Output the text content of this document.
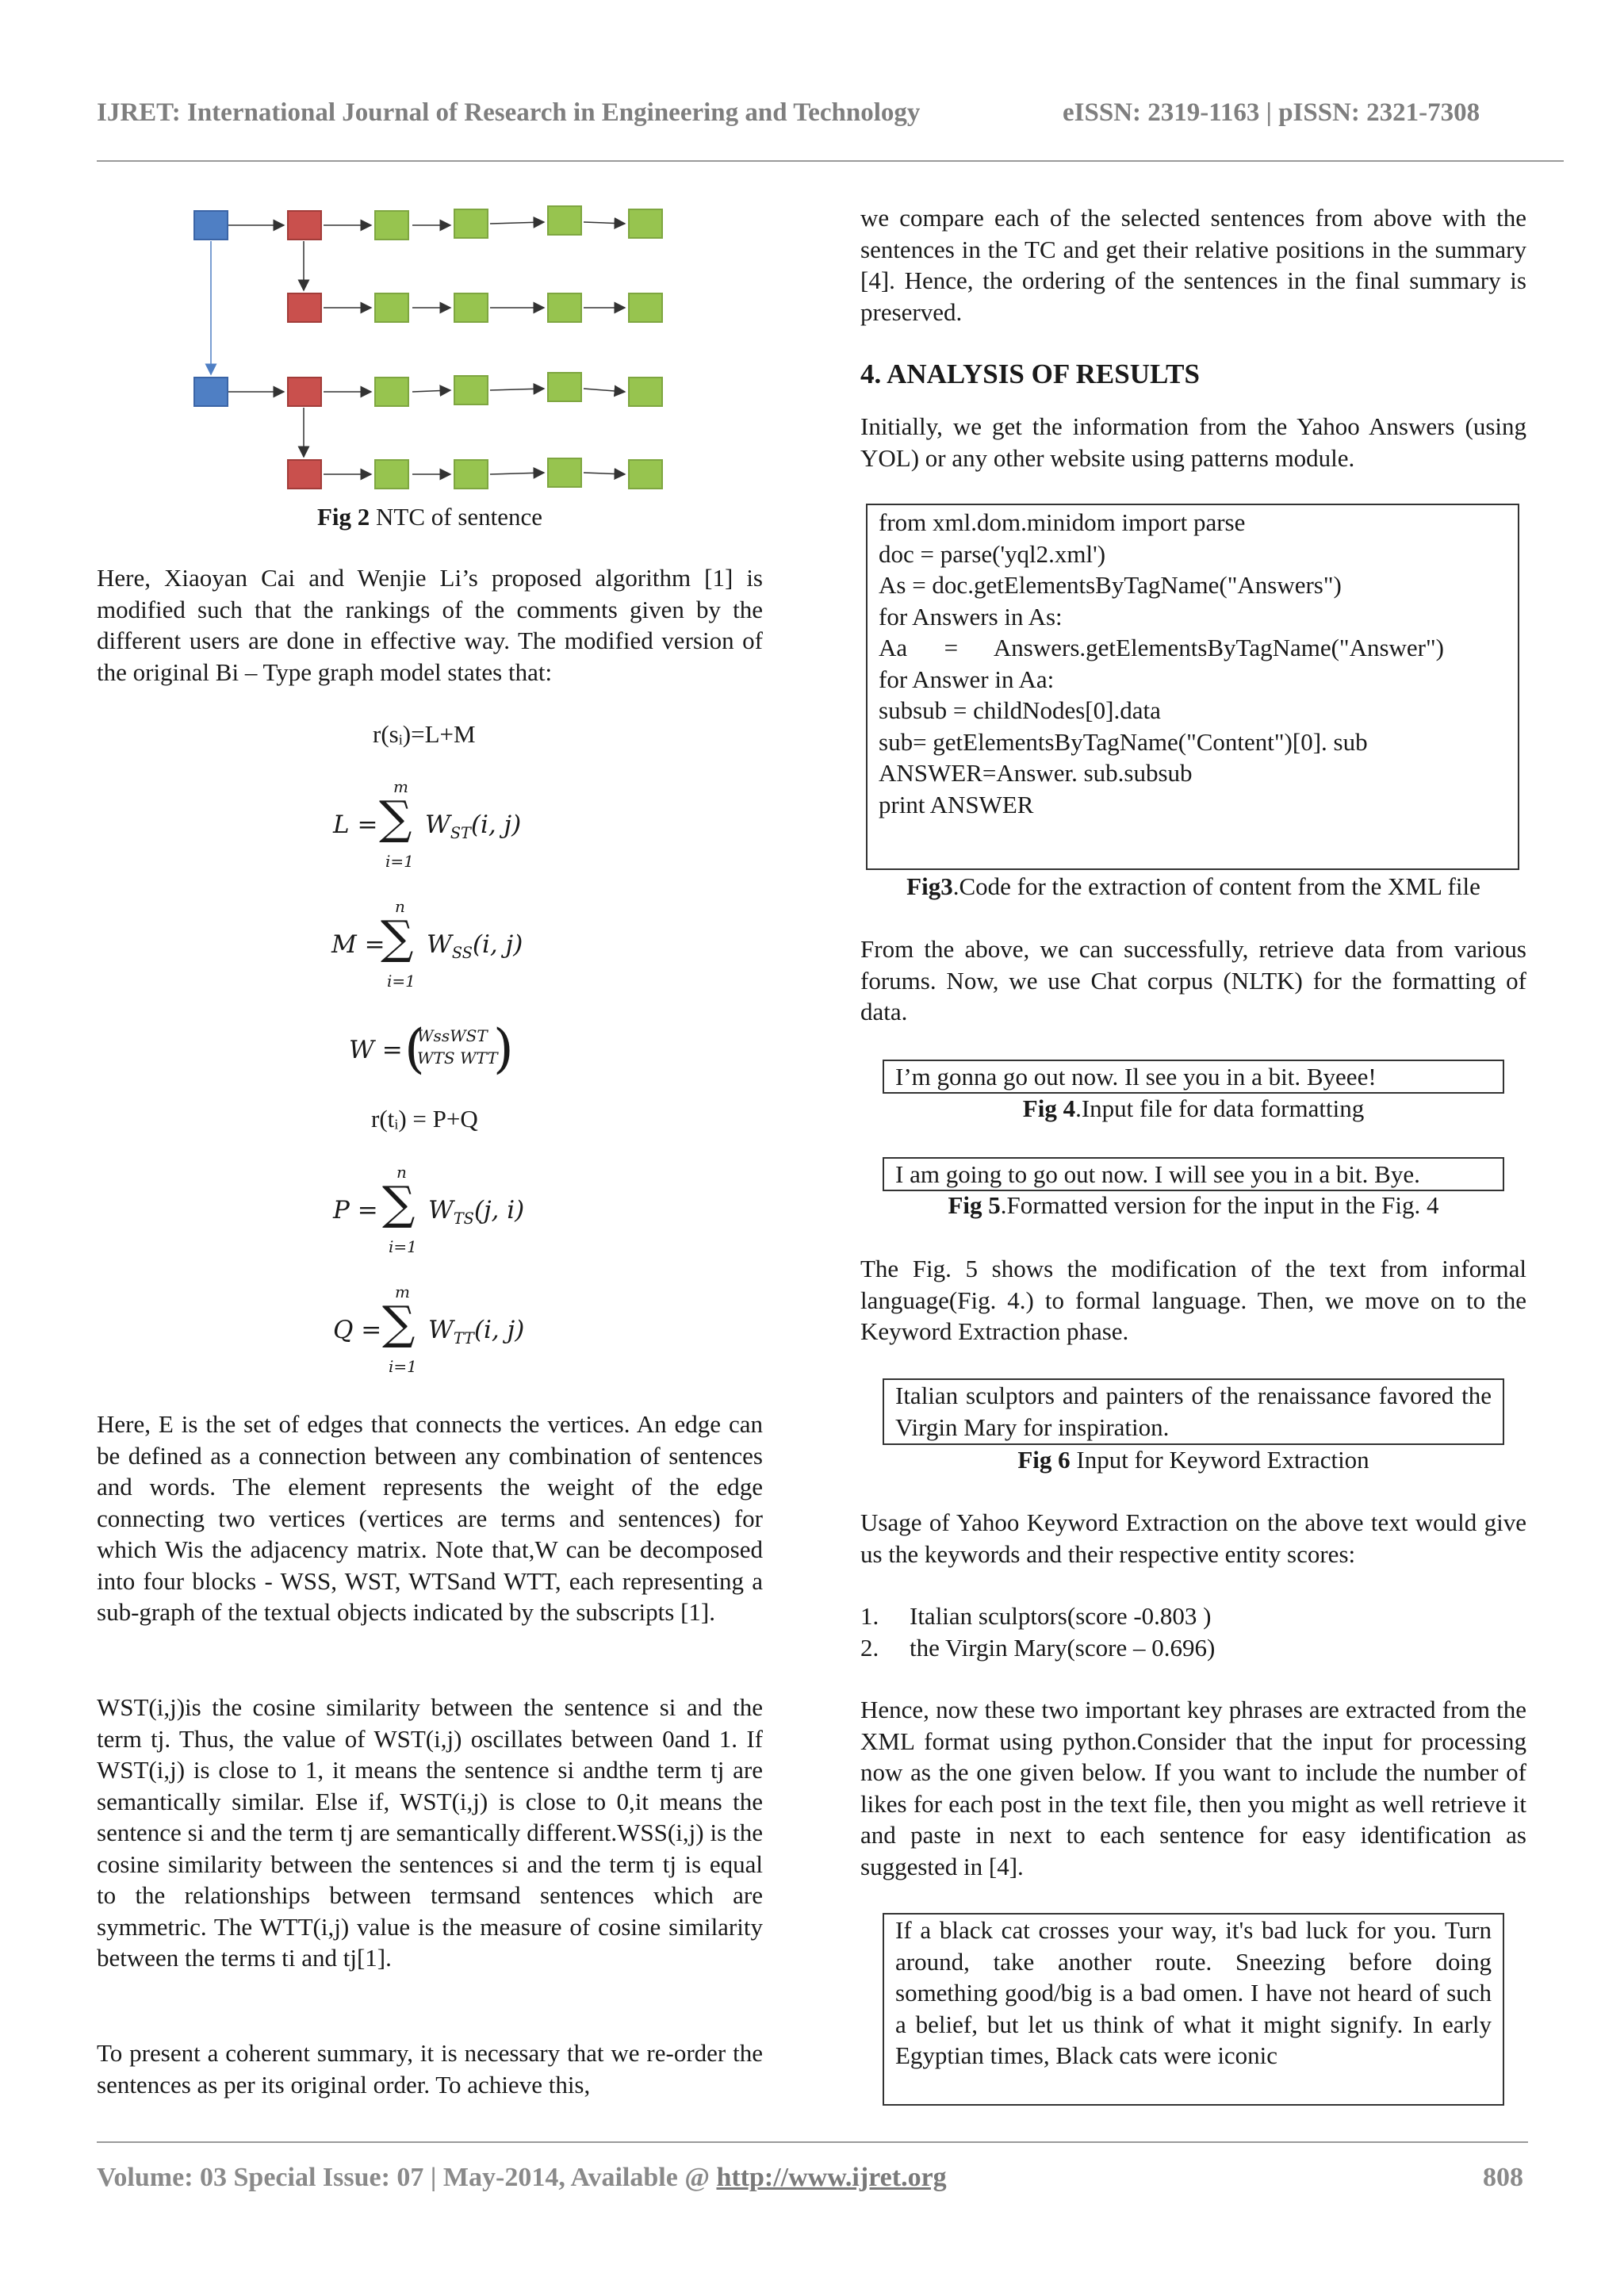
IJRET: International Journal of Research in Engineering and Technology	eISSN: 2319-1163 | pISSN: 2321-7308
Fig 2 NTC of sentence
Here, Xiaoyan Cai and Wenjie Li’s proposed algorithm [1] is modified such that the rankings of the comments given by the different users are done in effective way. The modified version of the original Bi – Type graph model states that:
r(sᵢ)=L+M
L =
m
∑
i=1
$W_{ST}(i$, j)
M =
n
∑
i=1
$W_{SS}(i$, j)
W = (
WssWST
WTS WTT
)
r(tᵢ) = P+Q
P =
n
∑
i=1
$W_{TS}(j$, i)
Q =
m
∑
i=1
$W_{TT}(i$, j)
Here, E is the set of edges that connects the vertices. An edge can be defined as a connection between any combination of sentences and words. The element represents the weight of the edge connecting two vertices (vertices are terms and sentences) for which Wis the adjacency matrix. Note that,W can be decomposed into four blocks - WSS, WST, WTSand WTT, each representing a sub-graph of the textual objects indicated by the subscripts [1].
WST(i,j)is the cosine similarity between the sentence si and the term tj. Thus, the value of WST(i,j) oscillates between 0and 1. If WST(i,j) is close to 1, it means the sentence si andthe term tj are semantically similar. Else if, WST(i,j) is close to 0,it means the sentence si and the term tj are semantically different.WSS(i,j) is the cosine similarity between the sentences si and the term tj is equal to the relationships between termsand sentences which are symmetric. The WTT(i,j) value is the measure of cosine similarity between the terms ti and tj[1].
To present a coherent summary, it is necessary that we re-order the sentences as per its original order. To achieve this,
we compare each of the selected sentences from above with the sentences in the TC and get their relative positions in the summary [4]. Hence, the ordering of the sentences in the final summary is preserved.
4. ANALYSIS OF RESULTS
Initially, we get the information from the Yahoo Answers (using YOL) or any other website using patterns module.
from xml.dom.minidom import parse
doc = parse('yql2.xml')
As = doc.getElementsByTagName("Answers")
for Answers in As:
Aa      =      Answers.getElementsByTagName("Answer")
for Answer in Aa:
subsub = childNodes[0].data
sub= getElementsByTagName("Content")[0]. sub
ANSWER=Answer. sub.subsub
print ANSWER
Fig3.Code for the extraction of content from the XML file
From the above, we can successfully, retrieve data from various forums. Now, we use Chat corpus (NLTK) for the formatting of data.
I’m gonna go out now. Il see you in a bit. Byeee!
Fig 4.Input file for data formatting
I am going to go out now. I will see you in a bit. Bye.
Fig 5.Formatted version for the input in the Fig. 4
The Fig. 5 shows the modification of the text from informal language(Fig. 4.) to formal language. Then, we move on to the Keyword Extraction phase.
Italian sculptors and painters of the renaissance favored the Virgin Mary for inspiration.
Fig 6 Input for Keyword Extraction
Usage of Yahoo Keyword Extraction on the above text would give us the keywords and their respective entity scores:
1. Italian sculptors(score -0.803 )
2. the Virgin Mary(score – 0.696)
Hence, now these two important key phrases are extracted from the XML format using python.Consider that the input for processing now as the one given below. If you want to include the number of likes for each post in the text file, then you might as well retrieve it and paste in next to each sentence for easy identification as suggested in [4].
If a black cat crosses your way, it's bad luck for you. Turn around, take another route. Sneezing before doing something good/big is a bad omen. I have not heard of such a belief, but let us think of what it might signify. In early Egyptian times, Black cats were iconic
Volume: 03 Special Issue: 07 | May-2014, Available @ http://www.ijret.org	808
